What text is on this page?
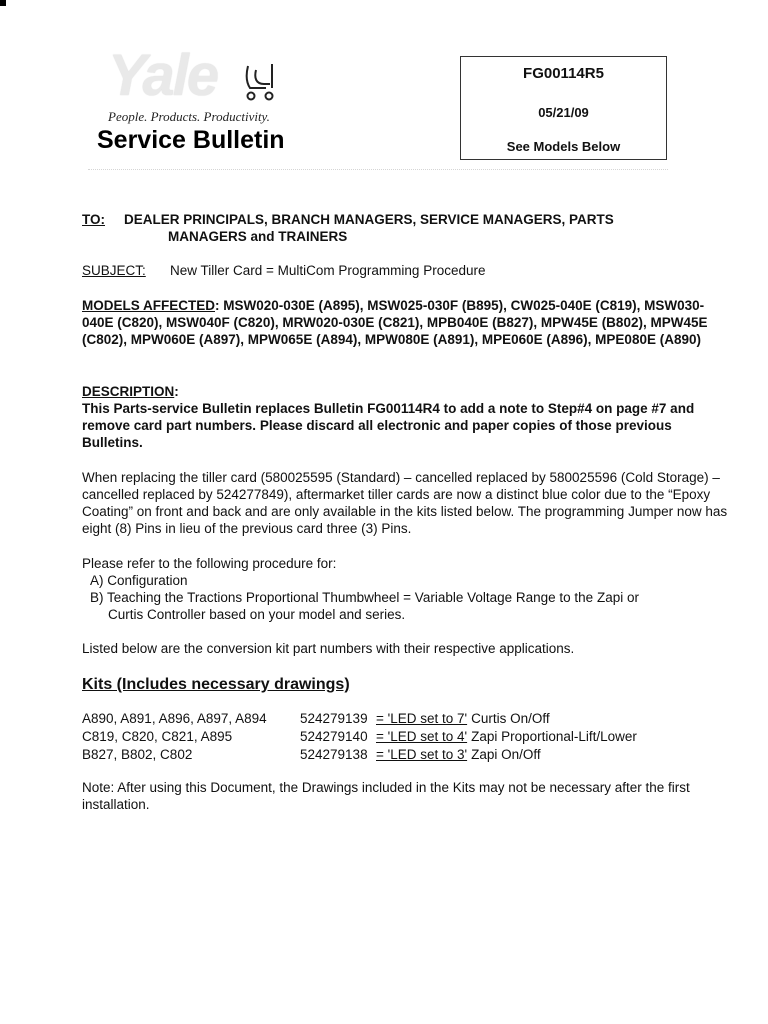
Yale
People. Products. Productivity.
Service Bulletin
FG00114R5
05/21/09
See Models Below
TO: DEALER PRINCIPALS, BRANCH MANAGERS, SERVICE MANAGERS, PARTS
MANAGERS and TRAINERS
SUBJECT: New Tiller Card = MultiCom Programming Procedure
MODELS AFFECTED: MSW020-030E (A895), MSW025-030F (B895), CW025-040E (C819), MSW030-040E (C820), MSW040F (C820), MRW020-030E (C821), MPB040E (B827), MPW45E (B802), MPW45E (C802), MPW060E (A897), MPW065E (A894), MPW080E (A891), MPE060E (A896), MPE080E (A890)
DESCRIPTION:
This Parts-service Bulletin replaces Bulletin FG00114R4 to add a note to Step#4 on page #7 and remove card part numbers. Please discard all electronic and paper copies of those previous Bulletins.
When replacing the tiller card (580025595 (Standard) – cancelled replaced by 580025596 (Cold Storage) – cancelled replaced by 524277849), aftermarket tiller cards are now a distinct blue color due to the “Epoxy Coating” on front and back and are only available in the kits listed below. The programming Jumper now has eight (8) Pins in lieu of the previous card three (3) Pins.
Please refer to the following procedure for:
A) Configuration
B) Teaching the Tractions Proportional Thumbwheel = Variable Voltage Range to the Zapi or
Curtis Controller based on your model and series.
Listed below are the conversion kit part numbers with their respective applications.
Kits (Includes necessary drawings)
A890, A891, A896, A897, A894	524279139 = 'LED set to 7' Curtis On/Off
C819, C820, C821, A895	524279140 = 'LED set to 4' Zapi Proportional-Lift/Lower
B827, B802, C802	524279138 = 'LED set to 3' Zapi On/Off
Note: After using this Document, the Drawings included in the Kits may not be necessary after the first installation.
